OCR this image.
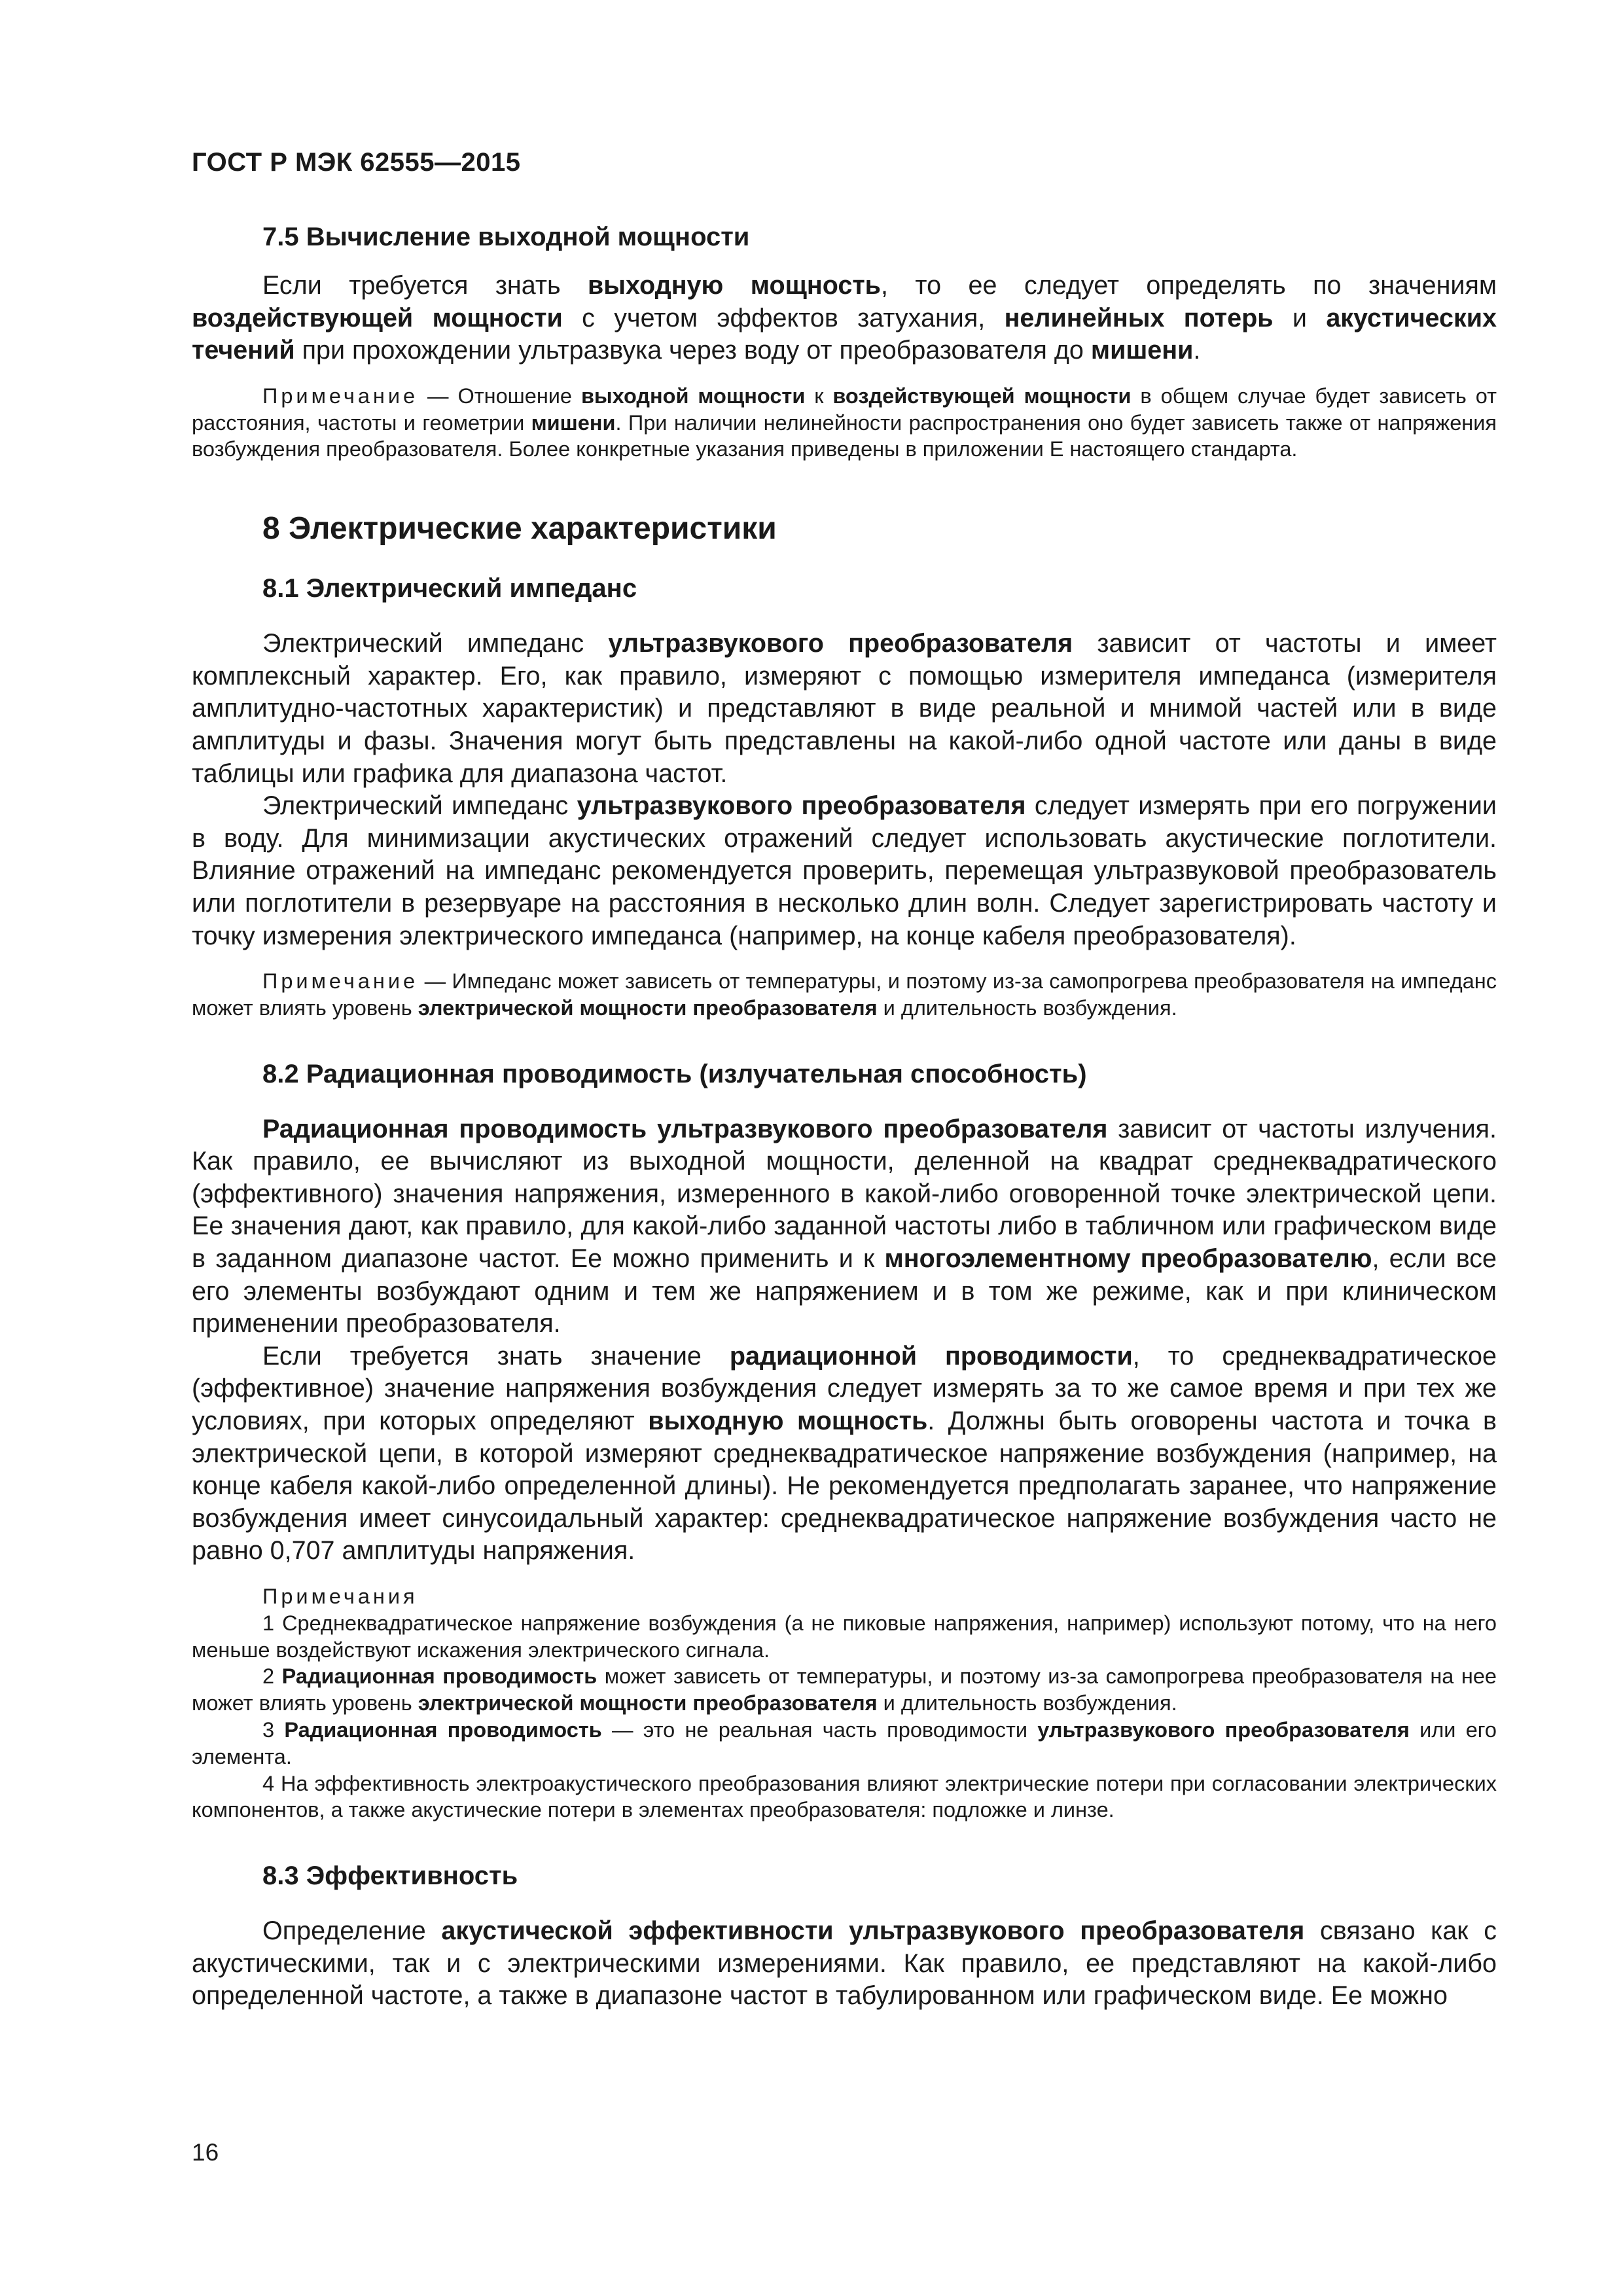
ГОСТ Р МЭК 62555—2015

7.5 Вычисление выходной мощности

Если требуется знать выходную мощность, то ее следует определять по значениям воздействующей мощности с учетом эффектов затухания, нелинейных потерь и акустических течений при прохождении ультразвука через воду от преобразователя до мишени.

Примечание — Отношение выходной мощности к воздействующей мощности в общем случае будет зависеть от расстояния, частоты и геометрии мишени. При наличии нелинейности распространения оно будет зависеть также от напряжения возбуждения преобразователя. Более конкретные указания приведены в приложении Е настоящего стандарта.

8 Электрические характеристики
8.1 Электрический импеданс

Электрический импеданс ультразвукового преобразователя зависит от частоты и имеет комплексный характер. Его, как правило, измеряют с помощью измерителя импеданса (измерителя амплитудно-частотных характеристик) и представляют в виде реальной и мнимой частей или в виде амплитуды и фазы. Значения могут быть представлены на какой-либо одной частоте или даны в виде таблицы или графика для диапазона частот.

Электрический импеданс ультразвукового преобразователя следует измерять при его погружении в воду. Для минимизации акустических отражений следует использовать акустические поглотители. Влияние отражений на импеданс рекомендуется проверить, перемещая ультразвуковой преобразователь или поглотители в резервуаре на расстояния в несколько длин волн. Следует зарегистрировать частоту и точку измерения электрического импеданса (например, на конце кабеля преобразователя).

Примечание — Импеданс может зависеть от температуры, и поэтому из-за самопрогрева преобразователя на импеданс может влиять уровень электрической мощности преобразователя и длительность возбуждения.

8.2 Радиационная проводимость (излучательная способность)

Радиационная проводимость ультразвукового преобразователя зависит от частоты излучения. Как правило, ее вычисляют из выходной мощности, деленной на квадрат среднеквадратического (эффективного) значения напряжения, измеренного в какой-либо оговоренной точке электрической цепи. Ее значения дают, как правило, для какой-либо заданной частоты либо в табличном или графическом виде в заданном диапазоне частот. Ее можно применить и к многоэлементному преобразователю, если все его элементы возбуждают одним и тем же напряжением и в том же режиме, как и при клиническом применении преобразователя.

Если требуется знать значение радиационной проводимости, то среднеквадратическое (эффективное) значение напряжения возбуждения следует измерять за то же самое время и при тех же условиях, при которых определяют выходную мощность. Должны быть оговорены частота и точка в электрической цепи, в которой измеряют среднеквадратическое напряжение возбуждения (например, на конце кабеля какой-либо определенной длины). Не рекомендуется предполагать заранее, что напряжение возбуждения имеет синусоидальный характер: среднеквадратическое напряжение возбуждения часто не равно 0,707 амплитуды напряжения.

Примечания

1 Среднеквадратическое напряжение возбуждения (а не пиковые напряжения, например) используют потому, что на него меньше воздействуют искажения электрического сигнала.

2 Радиационная проводимость может зависеть от температуры, и поэтому из-за самопрогрева преобразователя на нее может влиять уровень электрической мощности преобразователя и длительность возбуждения.

3 Радиационная проводимость — это не реальная часть проводимости ультразвукового преобразователя или его элемента.

4 На эффективность электроакустического преобразования влияют электрические потери при согласовании электрических компонентов, а также акустические потери в элементах преобразователя: подложке и линзе.

8.3 Эффективность

Определение акустической эффективности ультразвукового преобразователя связано как с акустическими, так и с электрическими измерениями. Как правило, ее представляют на какой-либо определенной частоте, а также в диапазоне частот в табулированном или графическом виде. Ее можно

16
